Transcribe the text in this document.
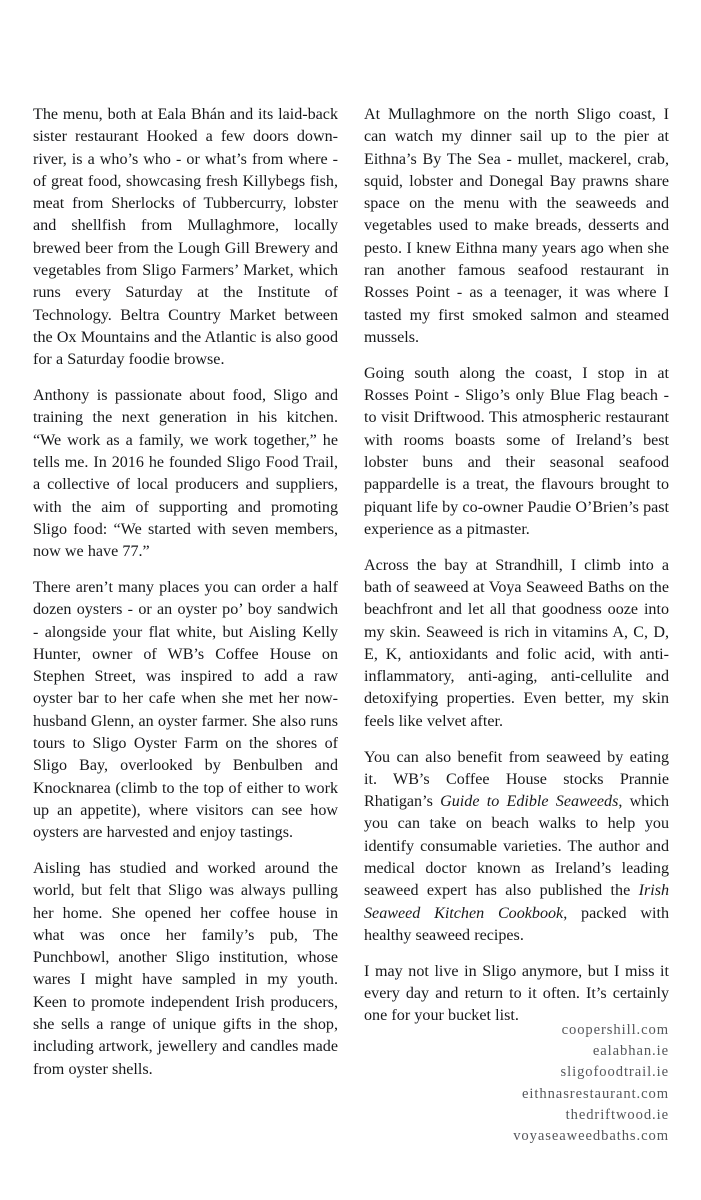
The menu, both at Eala Bhán and its laid-back sister restaurant Hooked a few doors down-river, is a who’s who - or what’s from where - of great food, showcasing fresh Killybegs fish, meat from Sherlocks of Tubbercurry, lobster and shellfish from Mullaghmore, locally brewed beer from the Lough Gill Brewery and vegetables from Sligo Farmers’ Market, which runs every Saturday at the Institute of Technology. Beltra Country Market between the Ox Mountains and the Atlantic is also good for a Saturday foodie browse.

Anthony is passionate about food, Sligo and training the next generation in his kitchen. “We work as a family, we work together,” he tells me. In 2016 he founded Sligo Food Trail, a collective of local producers and suppliers, with the aim of supporting and promoting Sligo food: “We started with seven members, now we have 77.”

There aren’t many places you can order a half dozen oysters - or an oyster po’ boy sandwich - alongside your flat white, but Aisling Kelly Hunter, owner of WB’s Coffee House on Stephen Street, was inspired to add a raw oyster bar to her cafe when she met her now-husband Glenn, an oyster farmer. She also runs tours to Sligo Oyster Farm on the shores of Sligo Bay, overlooked by Benbulben and Knocknarea (climb to the top of either to work up an appetite), where visitors can see how oysters are harvested and enjoy tastings.

Aisling has studied and worked around the world, but felt that Sligo was always pulling her home. She opened her coffee house in what was once her family’s pub, The Punchbowl, another Sligo institution, whose wares I might have sampled in my youth. Keen to promote independent Irish producers, she sells a range of unique gifts in the shop, including artwork, jewellery and candles made from oyster shells.

At Mullaghmore on the north Sligo coast, I can watch my dinner sail up to the pier at Eithna’s By The Sea - mullet, mackerel, crab, squid, lobster and Donegal Bay prawns share space on the menu with the seaweeds and vegetables used to make breads, desserts and pesto. I knew Eithna many years ago when she ran another famous seafood restaurant in Rosses Point - as a teenager, it was where I tasted my first smoked salmon and steamed mussels.

Going south along the coast, I stop in at Rosses Point - Sligo’s only Blue Flag beach - to visit Driftwood. This atmospheric restaurant with rooms boasts some of Ireland’s best lobster buns and their seasonal seafood pappardelle is a treat, the flavours brought to piquant life by co-owner Paudie O’Brien’s past experience as a pitmaster.

Across the bay at Strandhill, I climb into a bath of seaweed at Voya Seaweed Baths on the beachfront and let all that goodness ooze into my skin. Seaweed is rich in vitamins A, C, D, E, K, antioxidants and folic acid, with anti-inflammatory, anti-aging, anti-cellulite and detoxifying properties. Even better, my skin feels like velvet after.

You can also benefit from seaweed by eating it. WB’s Coffee House stocks Prannie Rhatigan’s Guide to Edible Seaweeds, which you can take on beach walks to help you identify consumable varieties. The author and medical doctor known as Ireland’s leading seaweed expert has also published the Irish Seaweed Kitchen Cookbook, packed with healthy seaweed recipes.

I may not live in Sligo anymore, but I miss it every day and return to it often. It’s certainly one for your bucket list.

coopershill.com
ealabhan.ie
sligofoodtrail.ie
eithnasrestaurant.com
thedriftwood.ie
voyaseaweedbaths.com
